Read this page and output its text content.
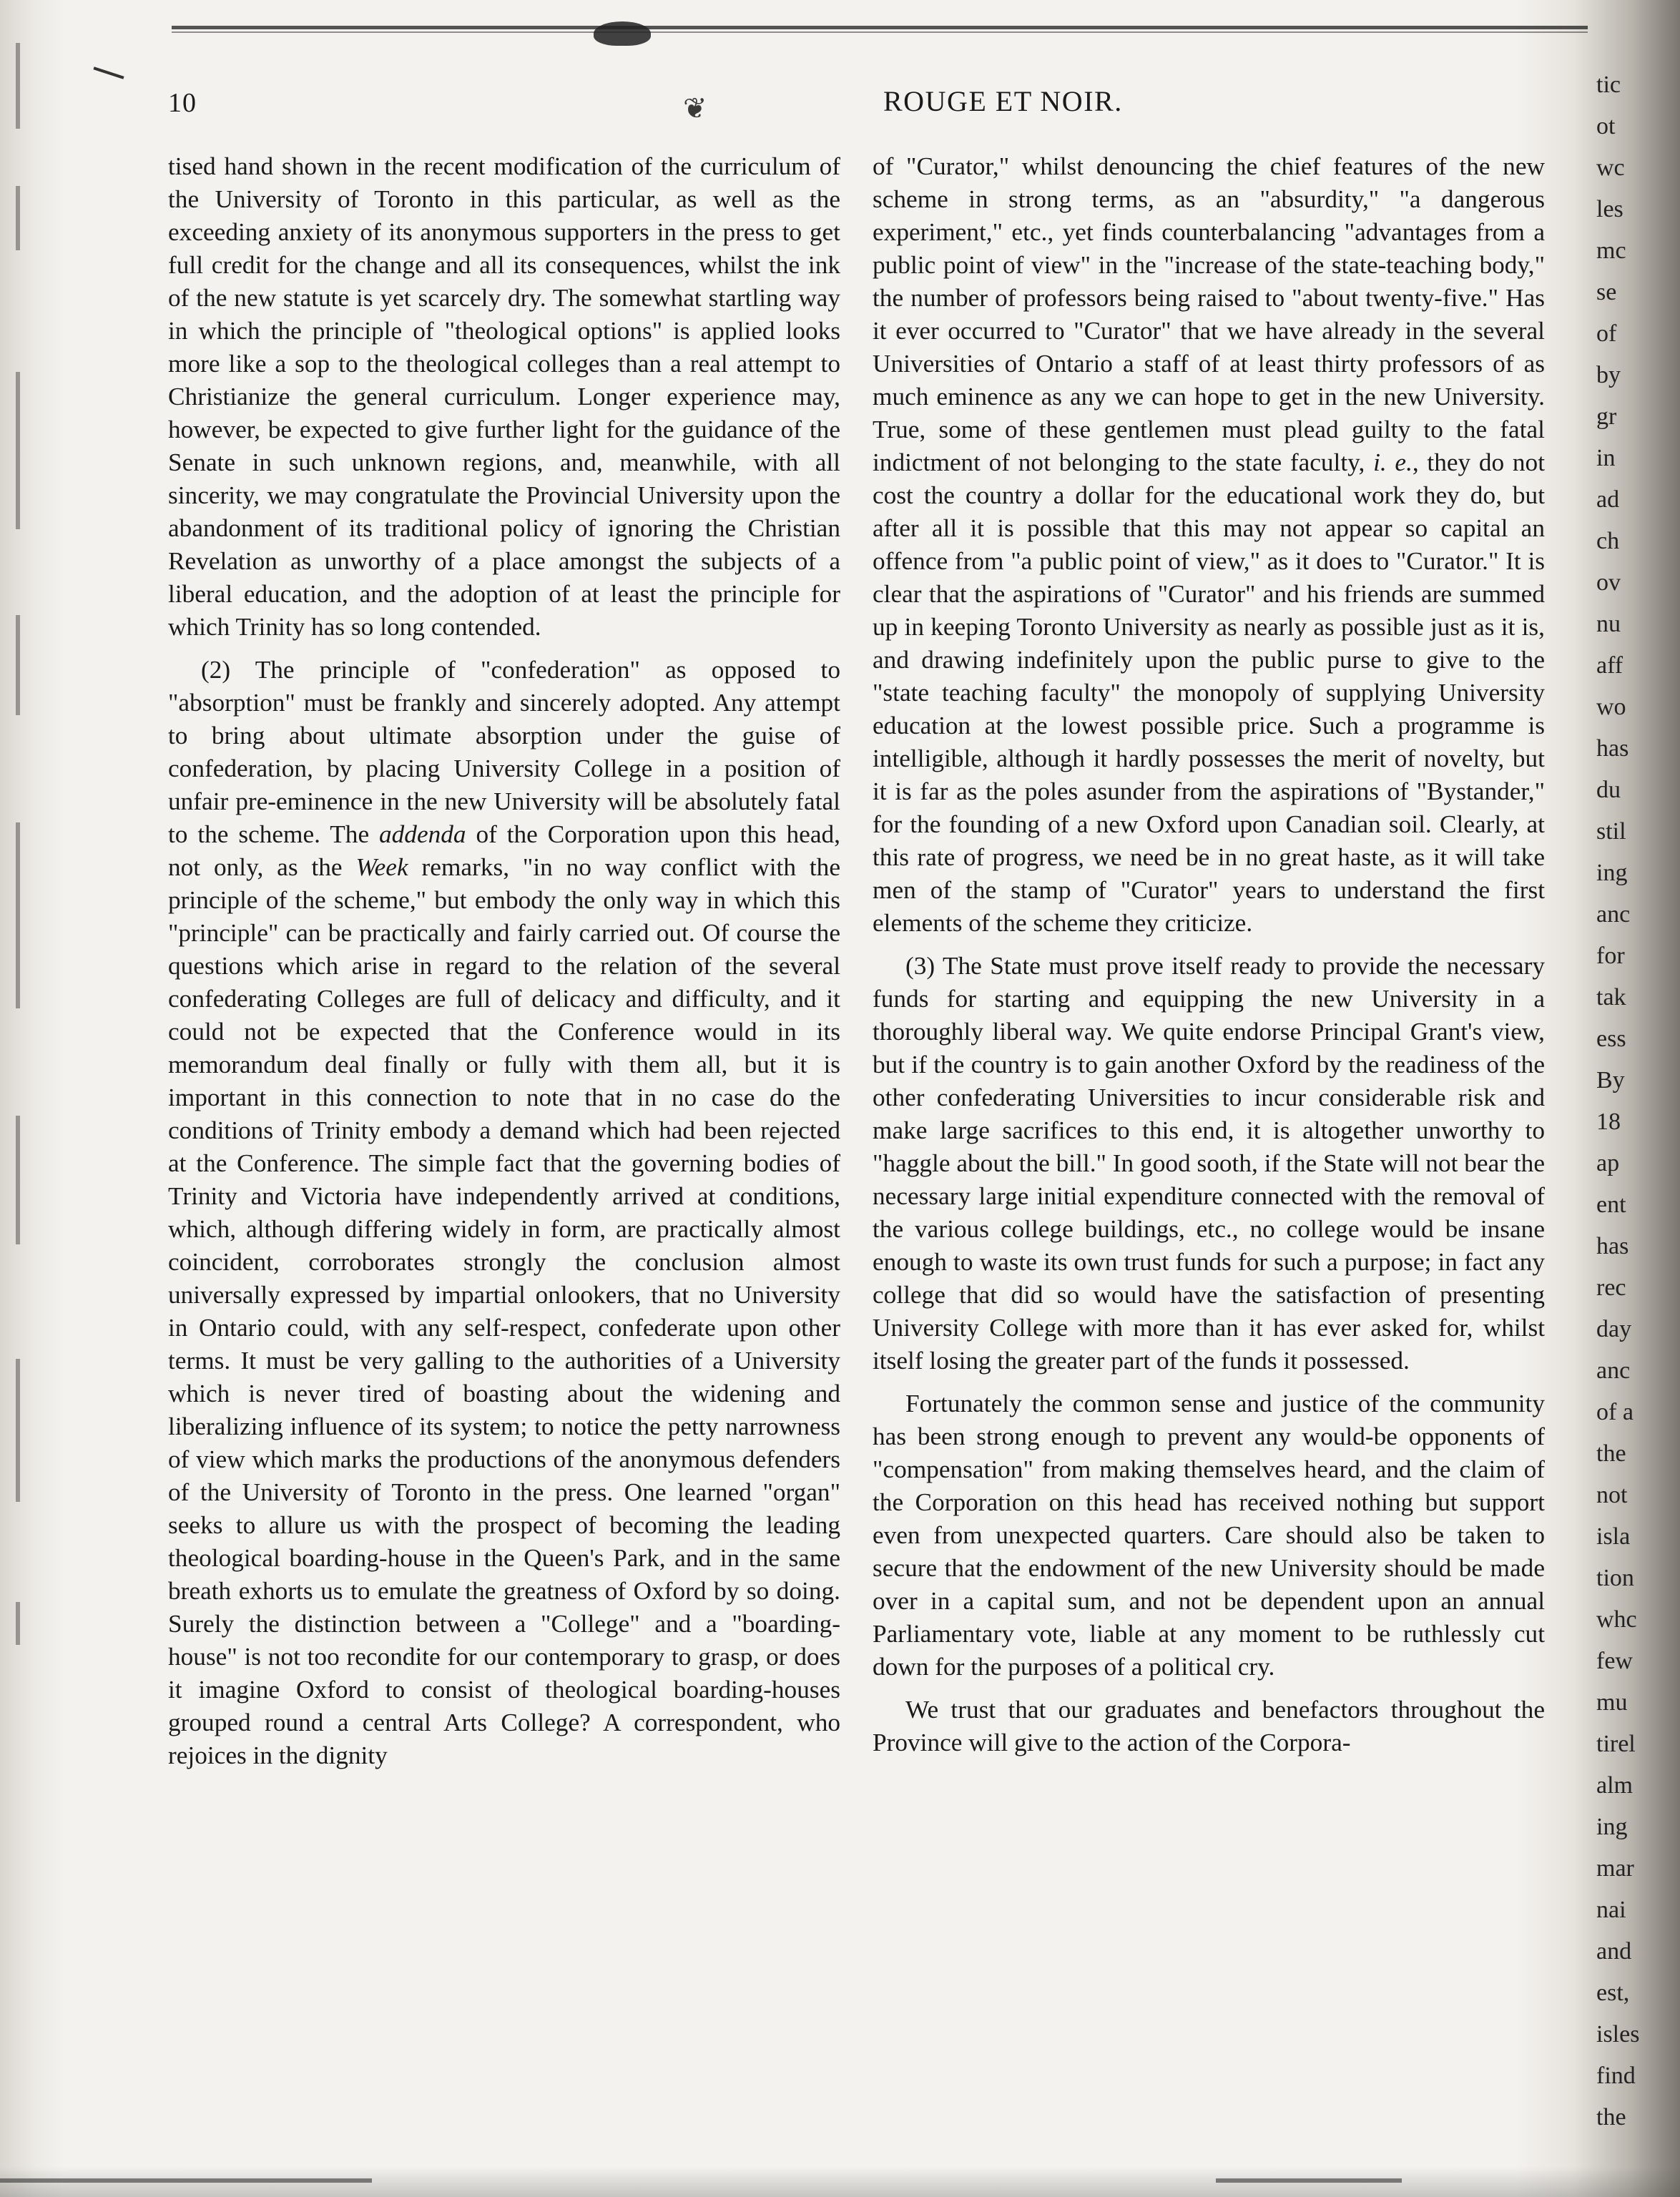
tic
ot
wc
les
mc
se
of
by
gr
in
ad
ch
ov
nu
aff
wo
has
du
stil
ing
anc
for
tak
ess
By
18
ap
ent
has
rec
day
anc
of a
the
not
isla
tion
whc
few
mu
tirel
alm
ing
mar
nai
and
est,
isles
find
the
10	❦	ROUGE ET NOIR.

tised hand shown in the recent modification of the curriculum of the University of Toronto in this particular, as well as the exceeding anxiety of its anonymous supporters in the press to get full credit for the change and all its consequences, whilst the ink of the new statute is yet scarcely dry. The somewhat startling way in which the principle of "theological options" is applied looks more like a sop to the theological colleges than a real attempt to Christianize the general curriculum. Longer experience may, however, be expected to give further light for the guidance of the Senate in such unknown regions, and, meanwhile, with all sincerity, we may congratulate the Provincial University upon the abandonment of its traditional policy of ignoring the Christian Revelation as unworthy of a place amongst the subjects of a liberal education, and the adoption of at least the principle for which Trinity has so long contended.

(2) The principle of "confederation" as opposed to "absorption" must be frankly and sincerely adopted. Any attempt to bring about ultimate absorption under the guise of confederation, by placing University College in a position of unfair pre-eminence in the new University will be absolutely fatal to the scheme. The addenda of the Corporation upon this head, not only, as the Week remarks, "in no way conflict with the principle of the scheme," but embody the only way in which this "principle" can be practically and fairly carried out. Of course the questions which arise in regard to the relation of the several confederating Colleges are full of delicacy and difficulty, and it could not be expected that the Conference would in its memorandum deal finally or fully with them all, but it is important in this connection to note that in no case do the conditions of Trinity embody a demand which had been rejected at the Conference. The simple fact that the governing bodies of Trinity and Victoria have independently arrived at conditions, which, although differing widely in form, are practically almost coincident, corroborates strongly the conclusion almost universally expressed by impartial onlookers, that no University in Ontario could, with any self-respect, confederate upon other terms. It must be very galling to the authorities of a University which is never tired of boasting about the widening and liberalizing influence of its system; to notice the petty narrowness of view which marks the productions of the anonymous defenders of the University of Toronto in the press. One learned "organ" seeks to allure us with the prospect of becoming the leading theological boarding-house in the Queen's Park, and in the same breath exhorts us to emulate the greatness of Oxford by so doing. Surely the distinction between a "College" and a "boarding-house" is not too recondite for our contemporary to grasp, or does it imagine Oxford to consist of theological boarding-houses grouped round a central Arts College? A correspondent, who rejoices in the dignity

of "Curator," whilst denouncing the chief features of the new scheme in strong terms, as an "absurdity," "a dangerous experiment," etc., yet finds counterbalancing "advantages from a public point of view" in the "increase of the state-teaching body," the number of professors being raised to "about twenty-five." Has it ever occurred to "Curator" that we have already in the several Universities of Ontario a staff of at least thirty professors of as much eminence as any we can hope to get in the new University. True, some of these gentlemen must plead guilty to the fatal indictment of not belonging to the state faculty, i. e., they do not cost the country a dollar for the educational work they do, but after all it is possible that this may not appear so capital an offence from "a public point of view," as it does to "Curator." It is clear that the aspirations of "Curator" and his friends are summed up in keeping Toronto University as nearly as possible just as it is, and drawing indefinitely upon the public purse to give to the "state teaching faculty" the monopoly of supplying University education at the lowest possible price. Such a programme is intelligible, although it hardly possesses the merit of novelty, but it is far as the poles asunder from the aspirations of "Bystander," for the founding of a new Oxford upon Canadian soil. Clearly, at this rate of progress, we need be in no great haste, as it will take men of the stamp of "Curator" years to understand the first elements of the scheme they criticize.

(3) The State must prove itself ready to provide the necessary funds for starting and equipping the new University in a thoroughly liberal way. We quite endorse Principal Grant's view, but if the country is to gain another Oxford by the readiness of the other confederating Universities to incur considerable risk and make large sacrifices to this end, it is altogether unworthy to "haggle about the bill." In good sooth, if the State will not bear the necessary large initial expenditure connected with the removal of the various college buildings, etc., no college would be insane enough to waste its own trust funds for such a purpose; in fact any college that did so would have the satisfaction of presenting University College with more than it has ever asked for, whilst itself losing the greater part of the funds it possessed.

Fortunately the common sense and justice of the community has been strong enough to prevent any would-be opponents of "compensation" from making themselves heard, and the claim of the Corporation on this head has received nothing but support even from unexpected quarters. Care should also be taken to secure that the endowment of the new University should be made over in a capital sum, and not be dependent upon an annual Parliamentary vote, liable at any moment to be ruthlessly cut down for the purposes of a political cry.

We trust that our graduates and benefactors throughout the Province will give to the action of the Corpora-
